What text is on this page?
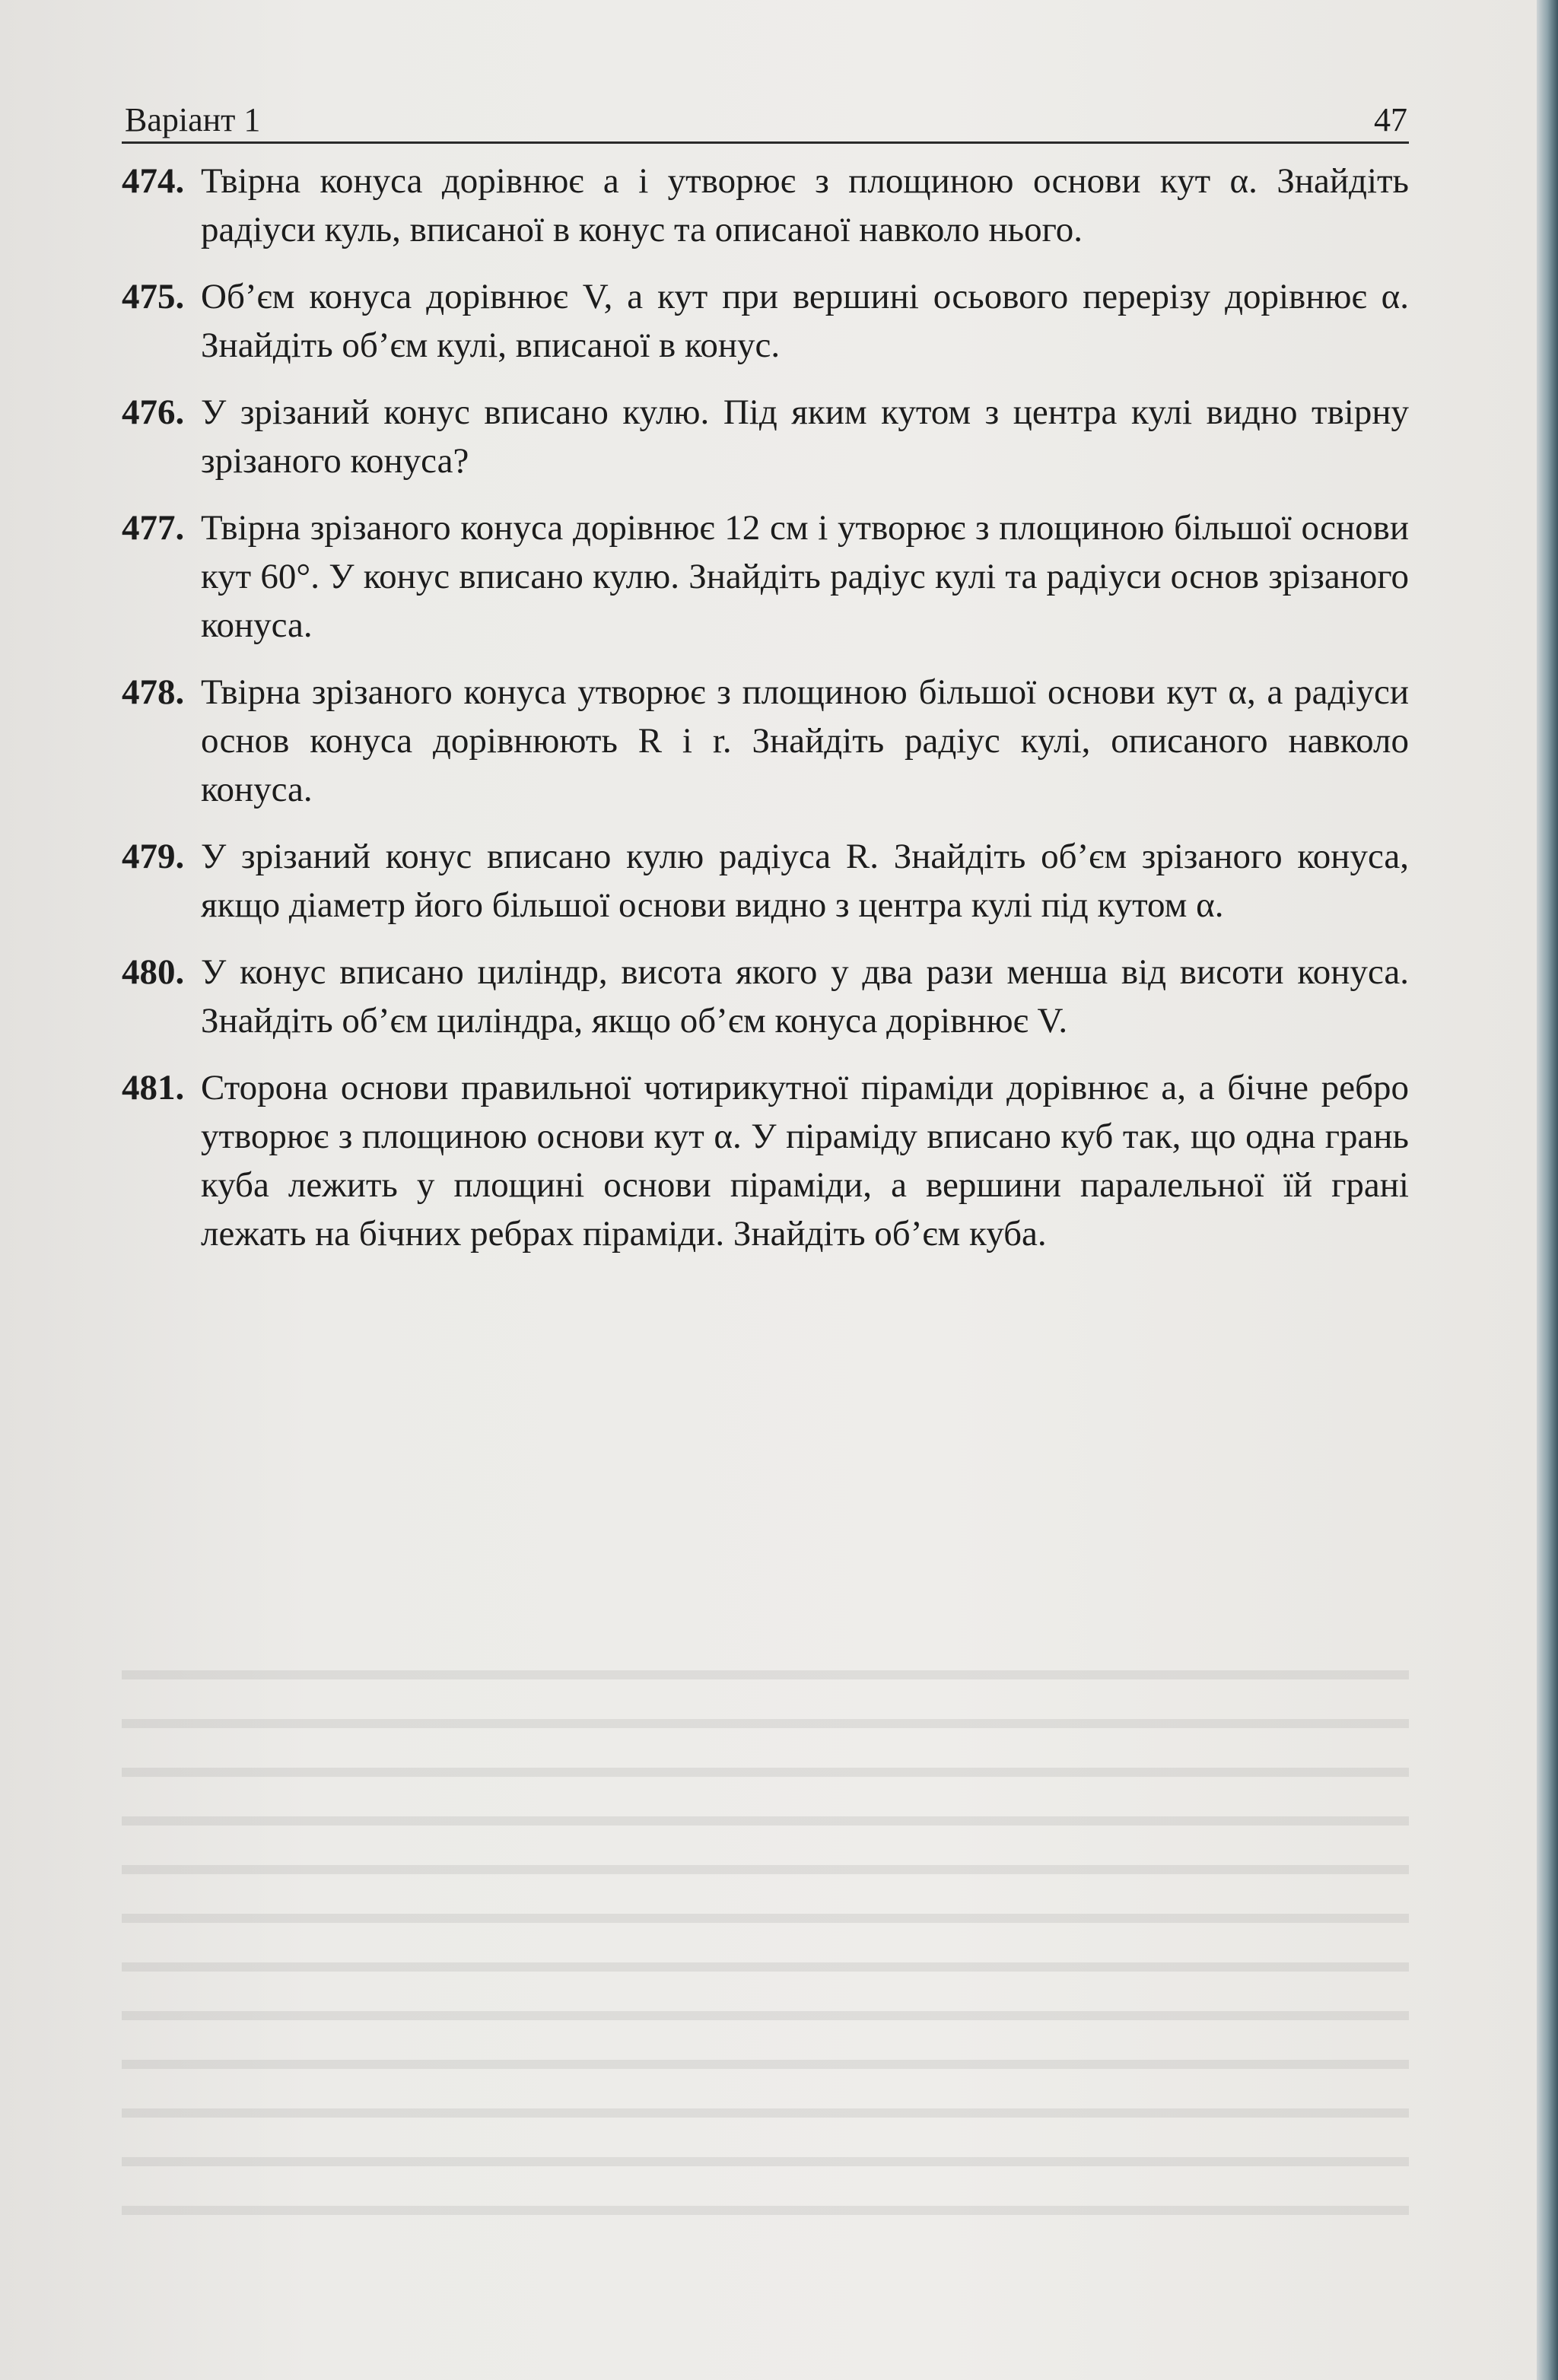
Варіант 1	47
474. Твірна конуса дорівнює a і утворює з площиною основи кут α. Знайдіть радіуси куль, вписаної в конус та описаної навколо нього.
475. Об’єм конуса дорівнює V, а кут при вершині осьового перерізу дорівнює α. Знайдіть об’єм кулі, вписаної в конус.
476. У зрізаний конус вписано кулю. Під яким кутом з центра кулі видно твірну зрізаного конуса?
477. Твірна зрізаного конуса дорівнює 12 см і утворює з площиною більшої основи кут 60°. У конус вписано кулю. Знайдіть радіус кулі та радіуси основ зрізаного конуса.
478. Твірна зрізаного конуса утворює з площиною більшої основи кут α, а радіуси основ конуса дорівнюють R і r. Знайдіть радіус кулі, описаного навколо конуса.
479. У зрізаний конус вписано кулю радіуса R. Знайдіть об’єм зрізаного конуса, якщо діаметр його більшої основи видно з центра кулі під кутом α.
480. У конус вписано циліндр, висота якого у два рази менша від висоти конуса. Знайдіть об’єм циліндра, якщо об’єм конуса дорівнює V.
481. Сторона основи правильної чотирикутної піраміди дорівнює a, а бічне ребро утворює з площиною основи кут α. У піраміду вписано куб так, що одна грань куба лежить у площині основи піраміди, а вершини паралельної їй грані лежать на бічних ребрах піраміди. Знайдіть об’єм куба.
